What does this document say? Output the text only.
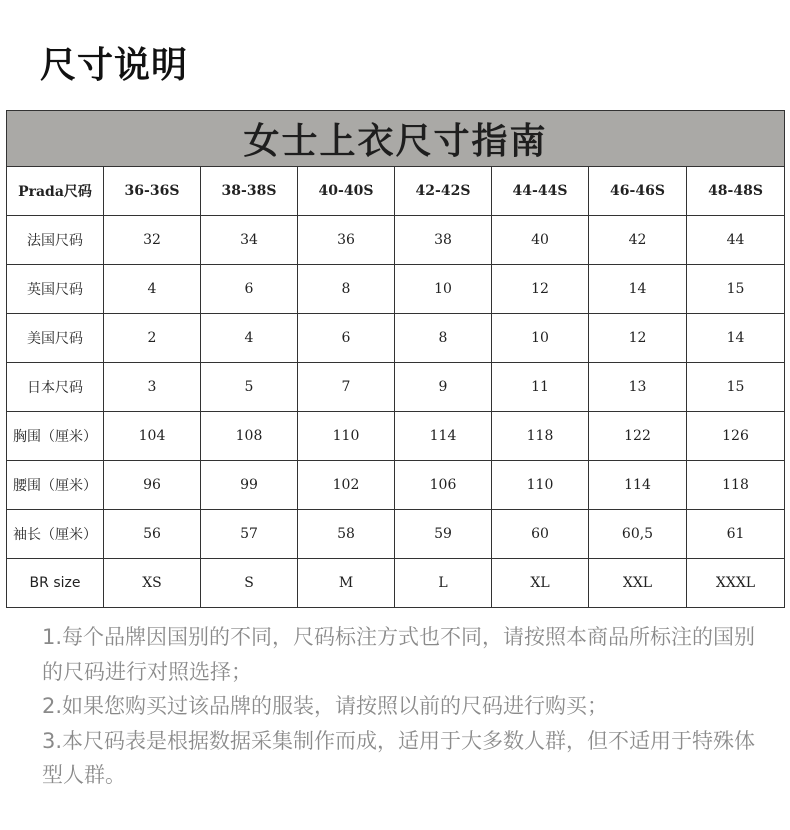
尺寸说明
女士上衣尺寸指南							
Prada尺码	36-36S	38-38S	40-40S	42-42S	44-44S	46-46S	48-48S
法国尺码	32	34	36	38	40	42	44
英国尺码	4	6	8	10	12	14	15
美国尺码	2	4	6	8	10	12	14
日本尺码	3	5	7	9	11	13	15
胸围（厘米）	104	108	110	114	118	122	126
腰围（厘米）	96	99	102	106	110	114	118
袖长（厘米）	56	57	58	59	60	60,5	61
BR size	XS	S	M	L	XL	XXL	XXXL

1.每个品牌因国别的不同，尺码标注方式也不同，请按照本商品所标注的国别的尺码进行对照选择；

2.如果您购买过该品牌的服装，请按照以前的尺码进行购买；

3.本尺码表是根据数据采集制作而成，适用于大多数人群，但不适用于特殊体型人群。
